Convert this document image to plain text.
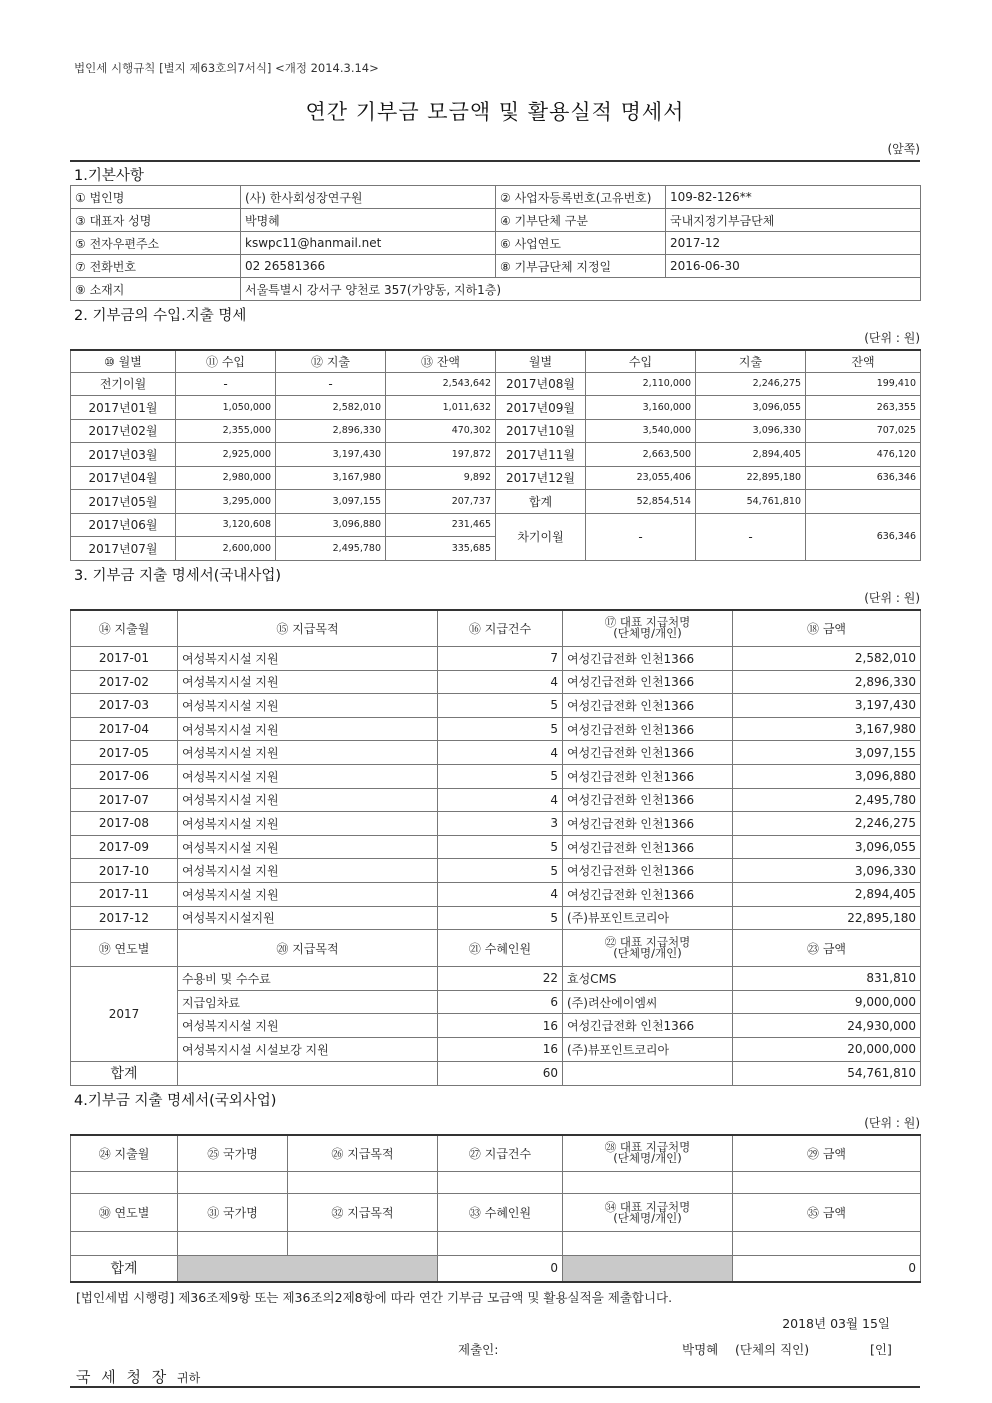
법인세 시행규칙 [별지 제63호의7서식] <개정 2014.3.14>
연간 기부금 모금액 및 활용실적 명세서
(앞쪽)
1.기본사항
① 법인명	(사) 한사회성장연구원	② 사업자등록번호(고유번호)	109-82-126**
③ 대표자 성명	박명혜	④ 기부단체 구분	국내지정기부금단체
⑤ 전자우편주소	kswpc11@hanmail.net	⑥ 사업연도	2017-12
⑦ 전화번호	02 26581366	⑧ 기부금단체 지정일	2016-06-30
⑨ 소재지	서울특별시 강서구 양천로 357(가양동, 지하1층)		
2. 기부금의 수입.지출 명세
(단위 : 원)
⑩ 월별	⑪ 수입	⑫ 지출	⑬ 잔액	월별	수입	지출	잔액
전기이월	-	-	2,543,642	2017년08월	2,110,000	2,246,275	199,410
2017년01월	1,050,000	2,582,010	1,011,632	2017년09월	3,160,000	3,096,055	263,355
2017년02월	2,355,000	2,896,330	470,302	2017년10월	3,540,000	3,096,330	707,025
2017년03월	2,925,000	3,197,430	197,872	2017년11월	2,663,500	2,894,405	476,120
2017년04월	2,980,000	3,167,980	9,892	2017년12월	23,055,406	22,895,180	636,346
2017년05월	3,295,000	3,097,155	207,737	합계	52,854,514	54,761,810	
2017년06월	3,120,608	3,096,880	231,465	차기이월	-	-	636,346
2017년07월	2,600,000	2,495,780	335,685				
3. 기부금 지출 명세서(국내사업)
(단위 : 원)
⑭ 지출월	⑮ 지급목적	⑯ 지급건수	⑰ 대표 지급처명
(단체명/개인)	⑱ 금액
2017-01	여성복지시설 지원	7	여성긴급전화 인천1366	2,582,010
2017-02	여성복지시설 지원	4	여성긴급전화 인천1366	2,896,330
2017-03	여성복지시설 지원	5	여성긴급전화 인천1366	3,197,430
2017-04	여성복지시설 지원	5	여성긴급전화 인천1366	3,167,980
2017-05	여성복지시설 지원	4	여성긴급전화 인천1366	3,097,155
2017-06	여성복지시설 지원	5	여성긴급전화 인천1366	3,096,880
2017-07	여성복지시설 지원	4	여성긴급전화 인천1366	2,495,780
2017-08	여성복지시설 지원	3	여성긴급전화 인천1366	2,246,275
2017-09	여성복지시설 지원	5	여성긴급전화 인천1366	3,096,055
2017-10	여성복지시설 지원	5	여성긴급전화 인천1366	3,096,330
2017-11	여성복지시설 지원	4	여성긴급전화 인천1366	2,894,405
2017-12	여성복지시설지원	5	(주)뷰포인트코리아	22,895,180
⑲ 연도별	⑳ 지급목적	㉑ 수혜인원	㉒ 대표 지급처명
(단체명/개인)	㉓ 금액
2017	수용비 및 수수료	22	효성CMS	831,810
	지급임차료	6	(주)려산에이엠씨	9,000,000
	여성복지시설 지원	16	여성긴급전화 인천1366	24,930,000
	여성복지시설 시설보강 지원	16	(주)뷰포인트코리아	20,000,000
합계		60		54,761,810
4.기부금 지출 명세서(국외사업)
(단위 : 원)
㉔ 지출월	㉕ 국가명	㉖ 지급목적	㉗ 지급건수	㉘ 대표 지급처명
(단체명/개인)	㉙ 금액

㉚ 연도별	㉛ 국가명	㉜ 지급목적	㉝ 수혜인원	㉞ 대표 지급처명
(단체명/개인)	㉟ 금액

합계			0		0
[법인세법 시행령] 제36조제9항 또는 제36조의2제8항에 따라 연간 기부금 모금액 및 활용실적을 제출합니다.
2018년 03월 15일
제출인:	박명혜 (단체의 직인)	[인]
국 세 청 장 귀하
